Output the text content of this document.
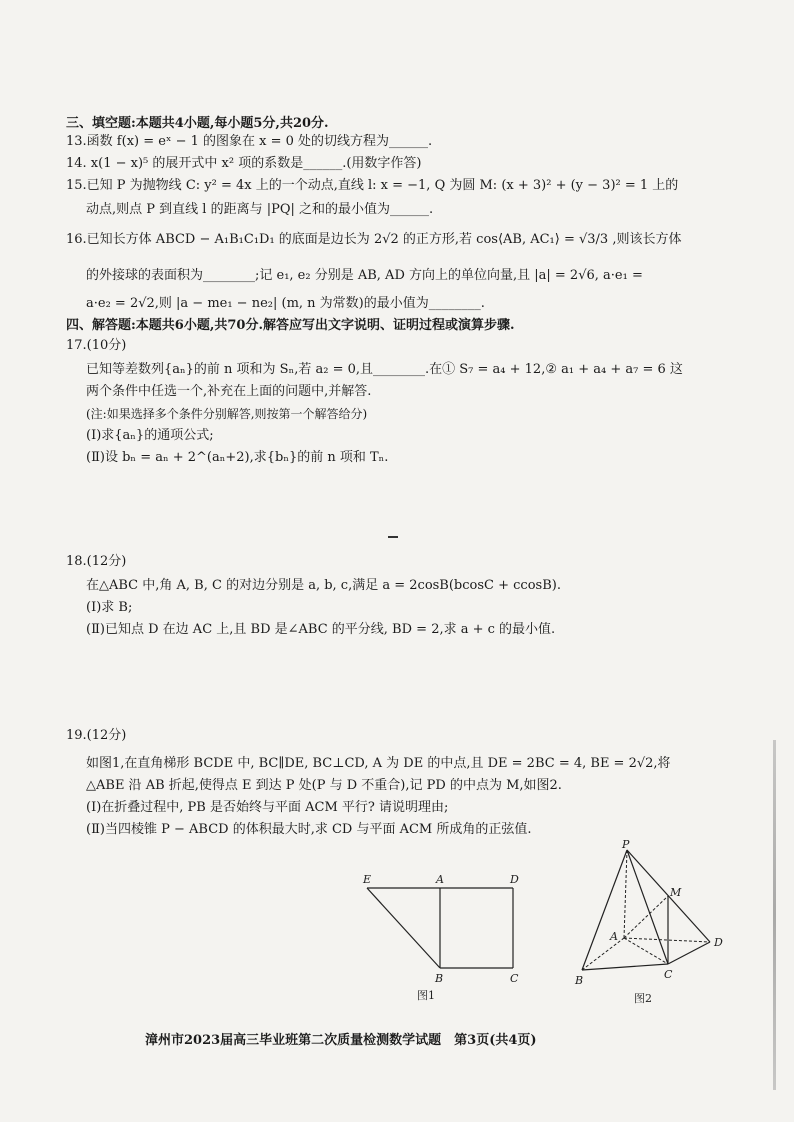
三、填空题:本题共4小题,每小题5分,共20分.
13.函数 f(x) = eˣ − 1 的图象在 x = 0 处的切线方程为______.
14. x(1 − x)⁵ 的展开式中 x² 项的系数是______.(用数字作答)
15.已知 P 为抛物线 C: y² = 4x 上的一个动点,直线 l: x = −1, Q 为圆 M: (x + 3)² + (y − 3)² = 1 上的
动点,则点 P 到直线 l 的距离与 |PQ| 之和的最小值为______.
16.已知长方体 ABCD − A₁B₁C₁D₁ 的底面是边长为 2√2 的正方形,若 cos⟨AB, AC₁⟩ = √3/3 ,则该长方体
的外接球的表面积为________;记 e₁, e₂ 分别是 AB, AD 方向上的单位向量,且 |a| = 2√6, a·e₁ =
a·e₂ = 2√2,则 |a − me₁ − ne₂| (m, n 为常数)的最小值为________.
四、解答题:本题共6小题,共70分.解答应写出文字说明、证明过程或演算步骤.
17.(10分)
已知等差数列{aₙ}的前 n 项和为 Sₙ,若 a₂ = 0,且________.在① S₇ = a₄ + 12,② a₁ + a₄ + a₇ = 6 这
两个条件中任选一个,补充在上面的问题中,并解答.
(注:如果选择多个条件分别解答,则按第一个解答给分)
(Ⅰ)求{aₙ}的通项公式;
(Ⅱ)设 bₙ = aₙ + 2^(aₙ+2),求{bₙ}的前 n 项和 Tₙ.
18.(12分)
在△ABC 中,角 A, B, C 的对边分别是 a, b, c,满足 a = 2cosB(bcosC + ccosB).
(Ⅰ)求 B;
(Ⅱ)已知点 D 在边 AC 上,且 BD 是∠ABC 的平分线, BD = 2,求 a + c 的最小值.
19.(12分)
如图1,在直角梯形 BCDE 中, BC∥DE, BC⊥CD, A 为 DE 的中点,且 DE = 2BC = 4, BE = 2√2,将
△ABE 沿 AB 折起,使得点 E 到达 P 处(P 与 D 不重合),记 PD 的中点为 M,如图2.
(Ⅰ)在折叠过程中, PB 是否始终与平面 ACM 平行? 请说明理由;
(Ⅱ)当四棱锥 P − ABCD 的体积最大时,求 CD 与平面 ACM 所成角的正弦值.
E	A	D
B	C
图1
P
M
A	D
B	C
图2
漳州市2023届高三毕业班第二次质量检测数学试题　第3页(共4页)
